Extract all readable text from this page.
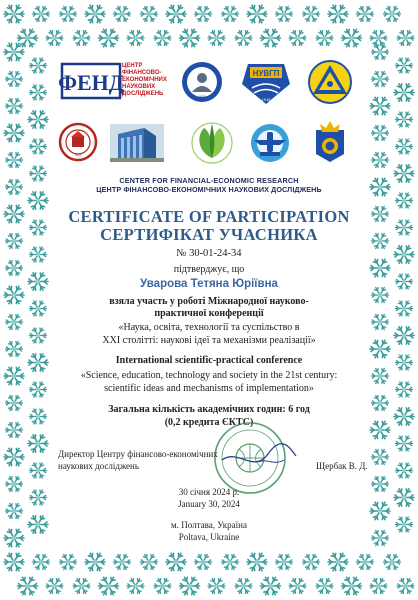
ФЕНД
ЦЕНТР
ФІНАНСОВО-
ЕКОНОМІЧНИХ
НАУКОВИХ
ДОСЛІДЖЕНЬ	1930
НУВГП
1915
1921
CENTER FOR FINANCIAL-ECONOMIC RESEARCH
ЦЕНТР ФІНАНСОВО-ЕКОНОМІЧНИХ НАУКОВИХ ДОСЛІДЖЕНЬ
CERTIFICATE OF PARTICIPATION
СЕРТИФІКАТ УЧАСНИКА
№ 30-01-24-34
підтверджує, що
Уварова Тетяна Юріївна
взяла участь у роботі Міжнародної науково-
практичної конференції
«Наука, освіта, технології та суспільство в
XXI столітті: наукові ідеї та механізми реалізації»
International scientific-practical conference
«Science, education, technology and society in the 21st century:
scientific ideas and mechanisms of implementation»
Загальна кількість академічних годин: 6 год
(0,2 кредита ЄКТС)
Директор Центру фінансово-економічних
наукових досліджень	Щербак В. Д.
30 січня 2024 р.
January 30, 2024
м. Полтава, Україна
Poltava, Ukraine
